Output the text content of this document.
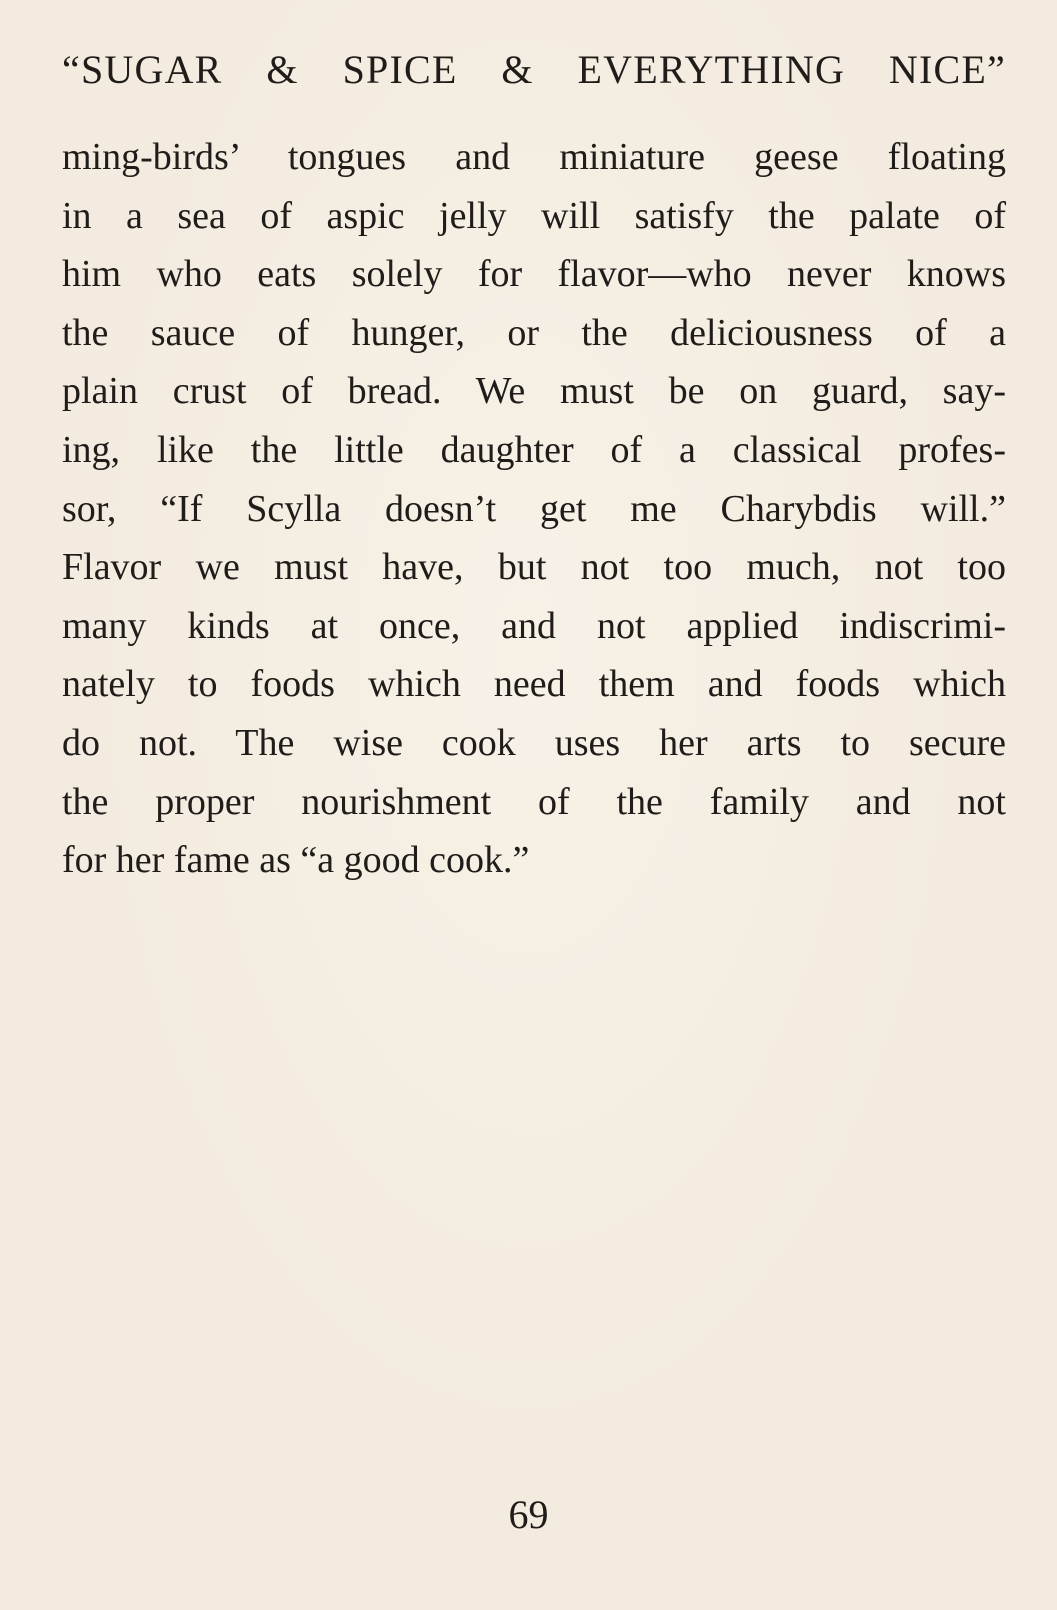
“SUGAR & SPICE & EVERYTHING NICE”
ming-birds’ tongues and miniature geese floating
in a sea of aspic jelly will satisfy the palate of
him who eats solely for flavor—who never knows
the sauce of hunger, or the deliciousness of a
plain crust of bread. We must be on guard, say-
ing, like the little daughter of a classical profes-
sor, “If Scylla doesn’t get me Charybdis will.”
Flavor we must have, but not too much, not too
many kinds at once, and not applied indiscrimi-
nately to foods which need them and foods which
do not. The wise cook uses her arts to secure
the proper nourishment of the family and not
for her fame as “a good cook.”
69
